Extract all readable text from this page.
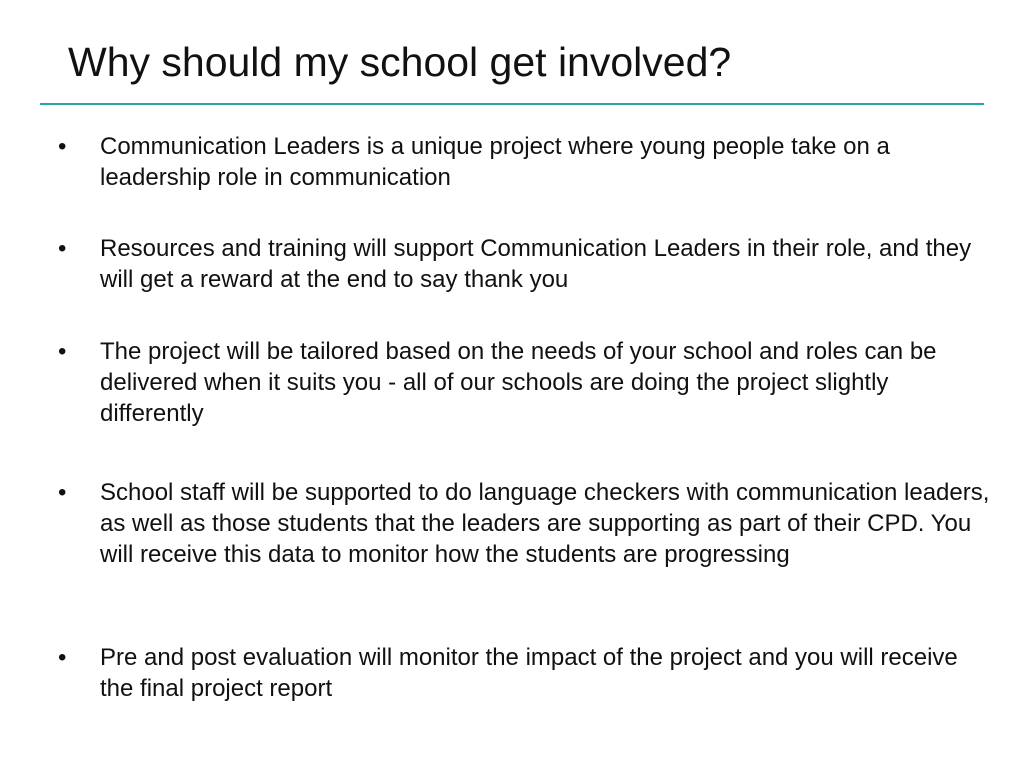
Why should my school get involved?
•	Communication Leaders is a unique project where young people take on a leadership role in communication
•	Resources and training will support Communication Leaders in their role, and they will get a reward at the end to say thank you
•	The project will be tailored based on the needs of your school and roles can be delivered when it suits you - all of our schools are doing the project slightly differently
•	School staff will be supported to do language checkers with communication leaders, as well as those students that the leaders are supporting as part of their CPD. You will receive this data to monitor how the students are progressing
•	Pre and post evaluation will monitor the impact of the project and you will receive the final project report
